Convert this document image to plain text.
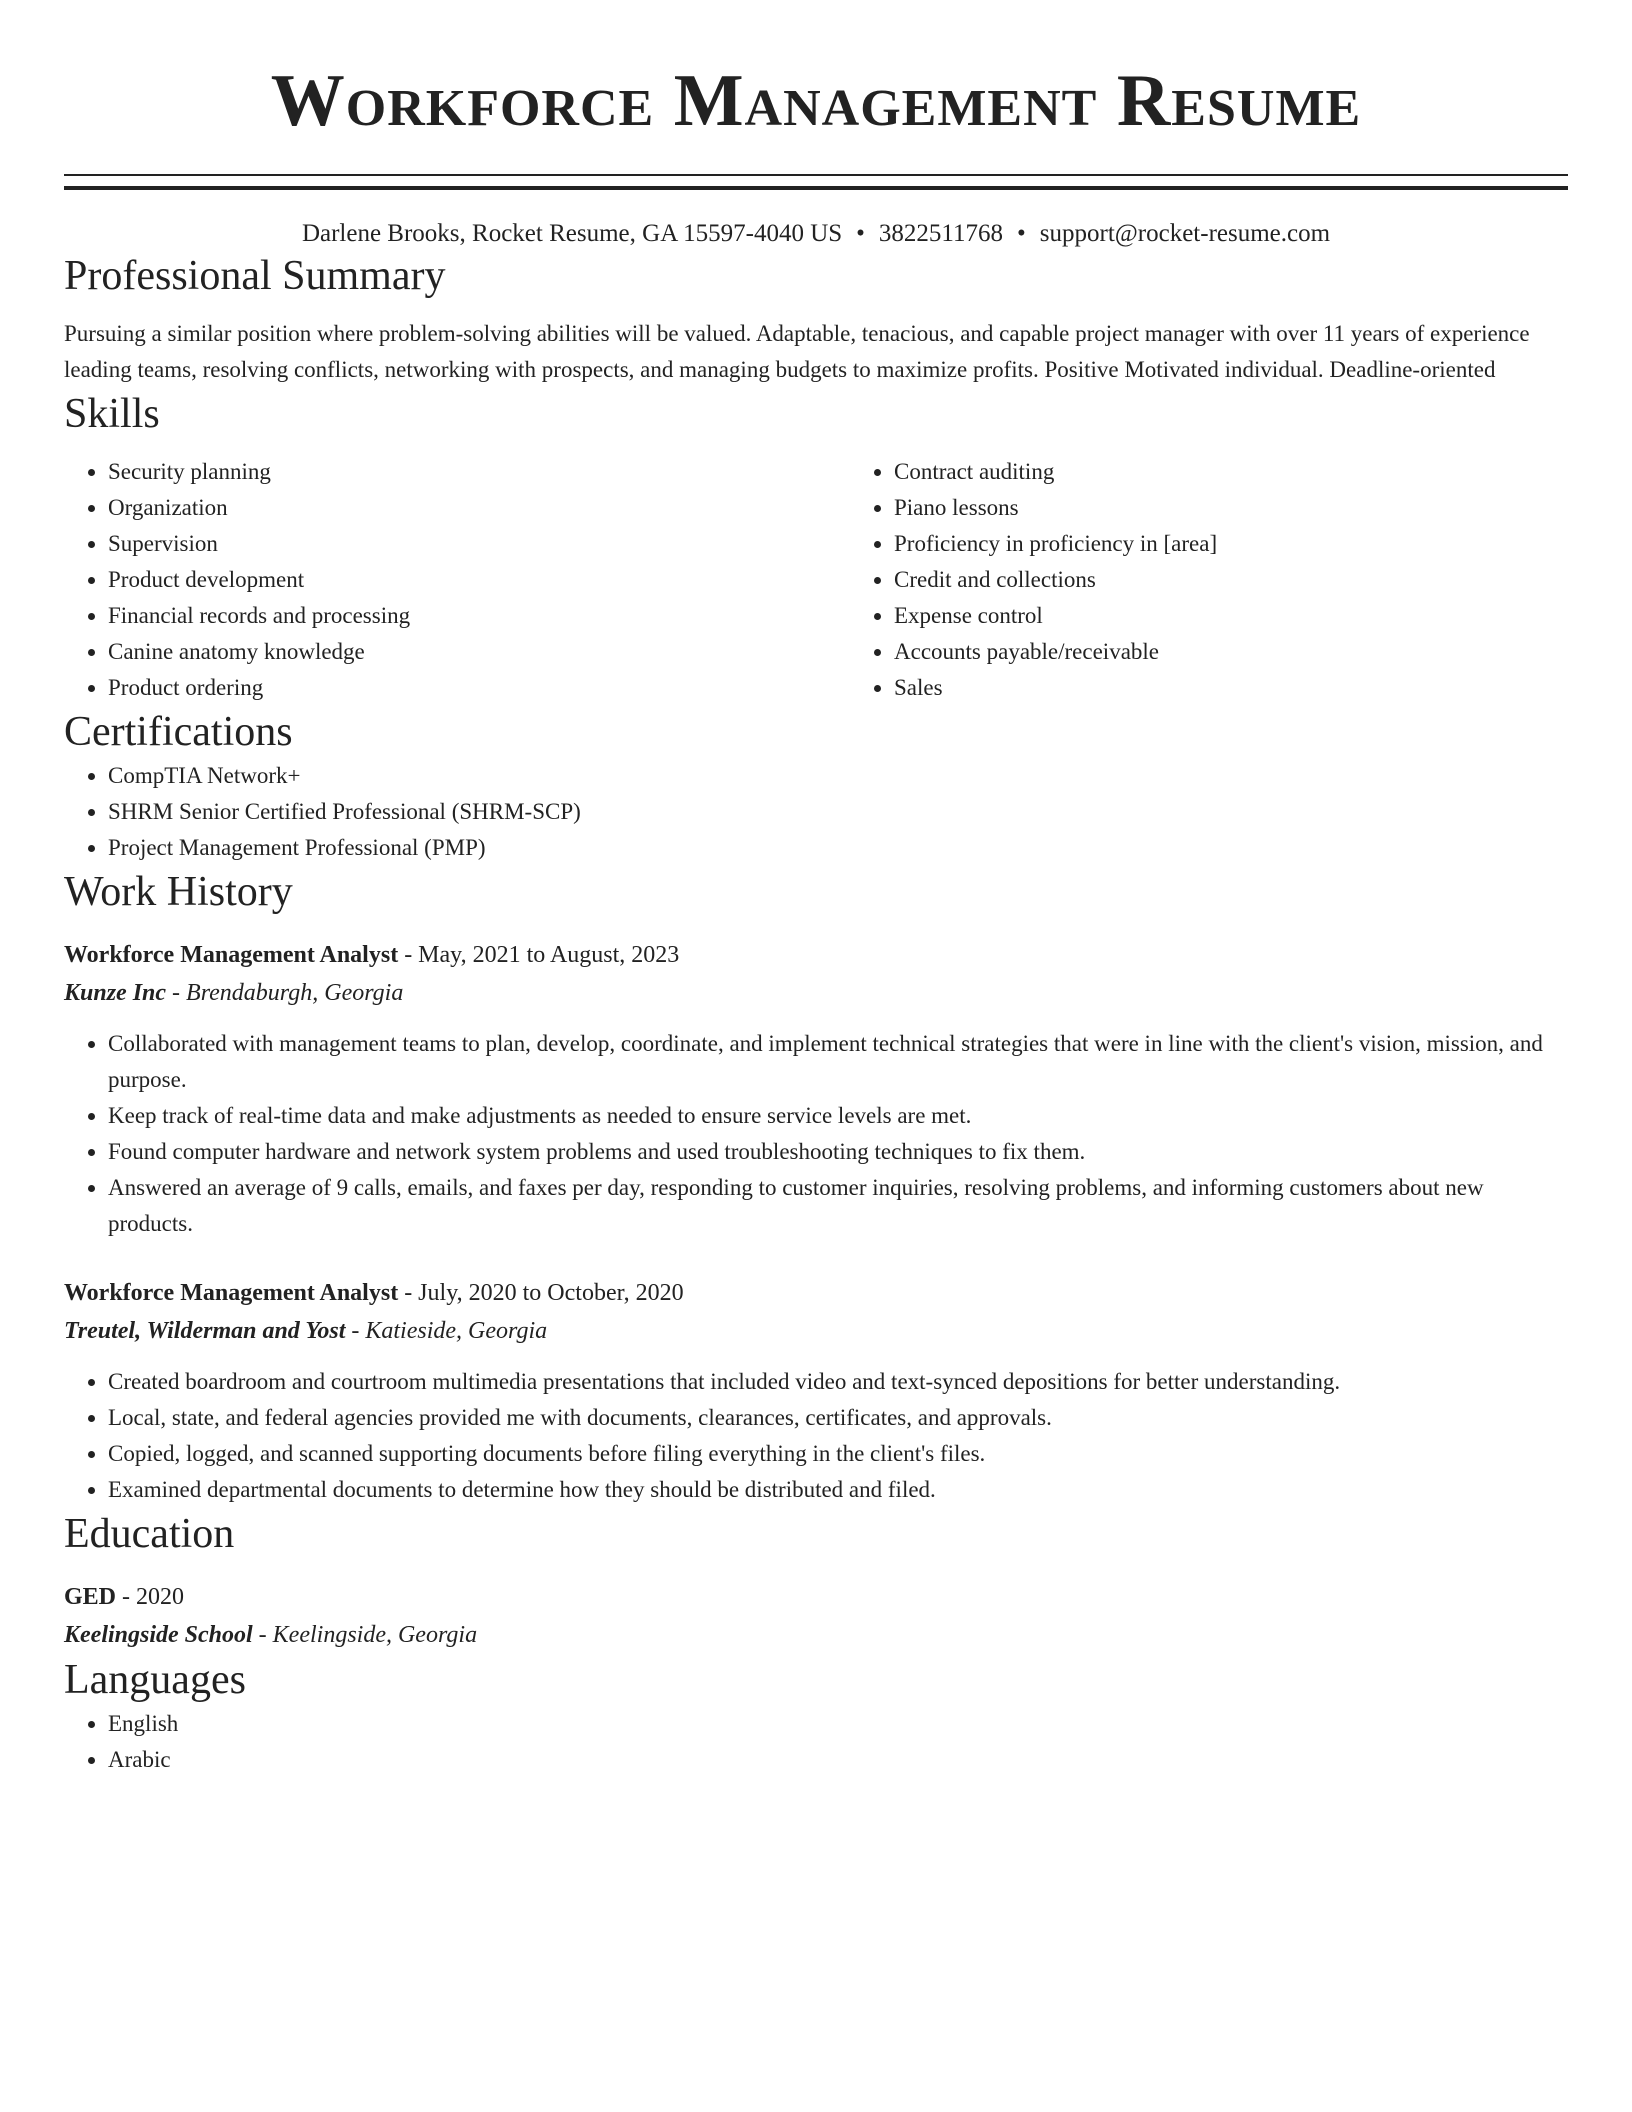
Workforce Management Resume
Darlene Brooks, Rocket Resume, GA 15597-4040 US • 3822511768 • support@rocket-resume.com
Professional Summary

Pursuing a similar position where problem-solving abilities will be valued. Adaptable, tenacious, and capable project manager with over 11 years of experience leading teams, resolving conflicts, networking with prospects, and managing budgets to maximize profits. Positive Motivated individual. Deadline-oriented

Skills
• Security planning
• Organization
• Supervision
• Product development
• Financial records and processing
• Canine anatomy knowledge
• Product ordering
• Contract auditing
• Piano lessons
• Proficiency in proficiency in [area]
• Credit and collections
• Expense control
• Accounts payable/receivable
• Sales
Certifications
• CompTIA Network+
• SHRM Senior Certified Professional (SHRM-SCP)
• Project Management Professional (PMP)
Work History
Workforce Management Analyst - May, 2021 to August, 2023
Kunze Inc - Brendaburgh, Georgia
• Collaborated with management teams to plan, develop, coordinate, and implement technical strategies that were in line with the client's vision, mission, and purpose.
• Keep track of real-time data and make adjustments as needed to ensure service levels are met.
• Found computer hardware and network system problems and used troubleshooting techniques to fix them.
• Answered an average of 9 calls, emails, and faxes per day, responding to customer inquiries, resolving problems, and informing customers about new products.
Workforce Management Analyst - July, 2020 to October, 2020
Treutel, Wilderman and Yost - Katieside, Georgia
• Created boardroom and courtroom multimedia presentations that included video and text-synced depositions for better understanding.
• Local, state, and federal agencies provided me with documents, clearances, certificates, and approvals.
• Copied, logged, and scanned supporting documents before filing everything in the client's files.
• Examined departmental documents to determine how they should be distributed and filed.
Education
GED - 2020
Keelingside School - Keelingside, Georgia
Languages
• English
• Arabic
